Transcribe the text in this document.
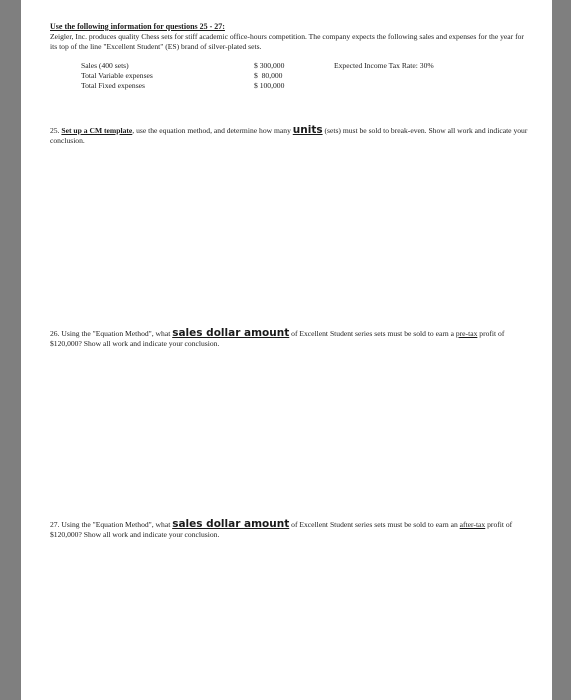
Use the following information for questions 25 - 27:

Zeigler, Inc. produces quality Chess sets for stiff academic office-hours competition. The company expects the following sales and expenses for the year for its top of the line "Excellent Student" (ES) brand of silver-plated sets.

Sales (400 sets)	$ 300,000	Expected Income Tax Rate: 30%
Total Variable expenses	$  80,000
Total Fixed expenses	$ 100,000
25. Set up a CM template, use the equation method, and determine how many units (sets) must be sold to break-even. Show all work and indicate your conclusion.
26. Using the "Equation Method", what sales dollar amount of Excellent Student series sets must be sold to earn a pre-tax profit of $120,000? Show all work and indicate your conclusion.
27. Using the "Equation Method", what sales dollar amount of Excellent Student series sets must be sold to earn an after-tax profit of $120,000? Show all work and indicate your conclusion.
